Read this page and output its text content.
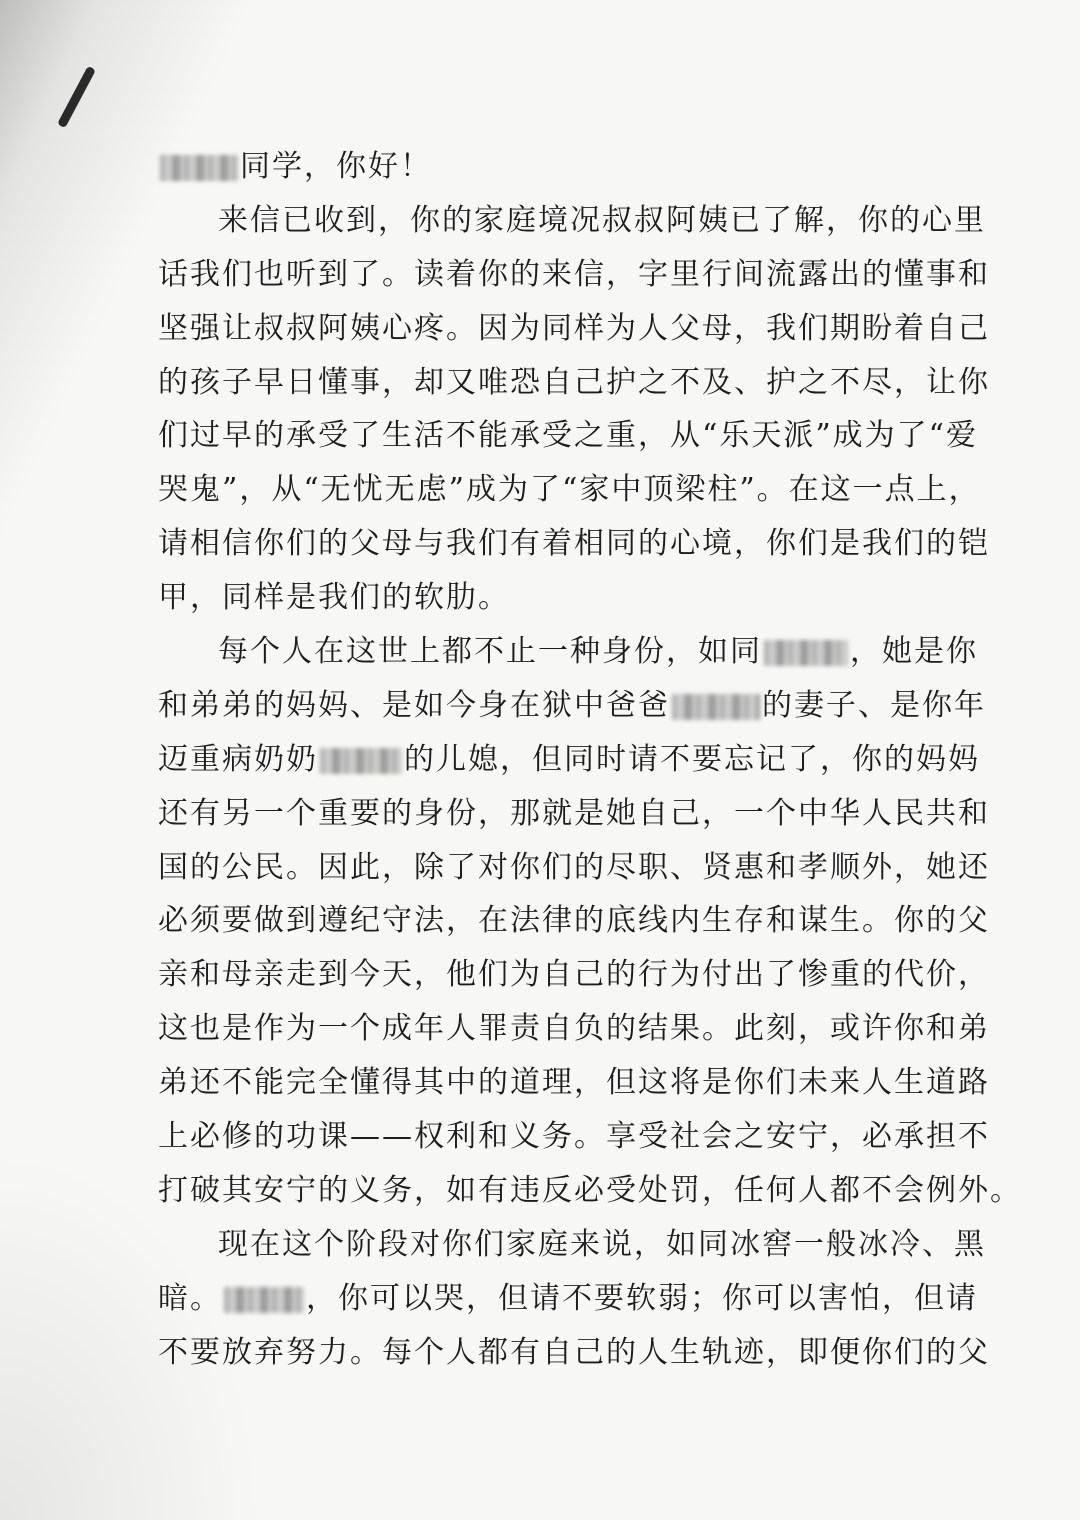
同学，你好！
来信已收到，你的家庭境况叔叔阿姨已了解，你的心里
话我们也听到了。读着你的来信，字里行间流露出的懂事和
坚强让叔叔阿姨心疼。因为同样为人父母，我们期盼着自己
的孩子早日懂事，却又唯恐自己护之不及、护之不尽，让你
们过早的承受了生活不能承受之重，从“乐天派”成为了“爱
哭鬼”，从“无忧无虑”成为了“家中顶梁柱”。在这一点上，
请相信你们的父母与我们有着相同的心境，你们是我们的铠
甲，同样是我们的软肋。
每个人在这世上都不止一种身份，如同	，她是你
和弟弟的妈妈、是如今身在狱中爸爸	的妻子、是你年
迈重病奶奶	的儿媳，但同时请不要忘记了，你的妈妈
还有另一个重要的身份，那就是她自己，一个中华人民共和
国的公民。因此，除了对你们的尽职、贤惠和孝顺外，她还
必须要做到遵纪守法，在法律的底线内生存和谋生。你的父
亲和母亲走到今天，他们为自己的行为付出了惨重的代价，
这也是作为一个成年人罪责自负的结果。此刻，或许你和弟
弟还不能完全懂得其中的道理，但这将是你们未来人生道路
上必修的功课——权利和义务。享受社会之安宁，必承担不
打破其安宁的义务，如有违反必受处罚，任何人都不会例外。
现在这个阶段对你们家庭来说，如同冰窖一般冰冷、黑
暗。	，你可以哭，但请不要软弱；你可以害怕，但请
不要放弃努力。每个人都有自己的人生轨迹，即便你们的父
